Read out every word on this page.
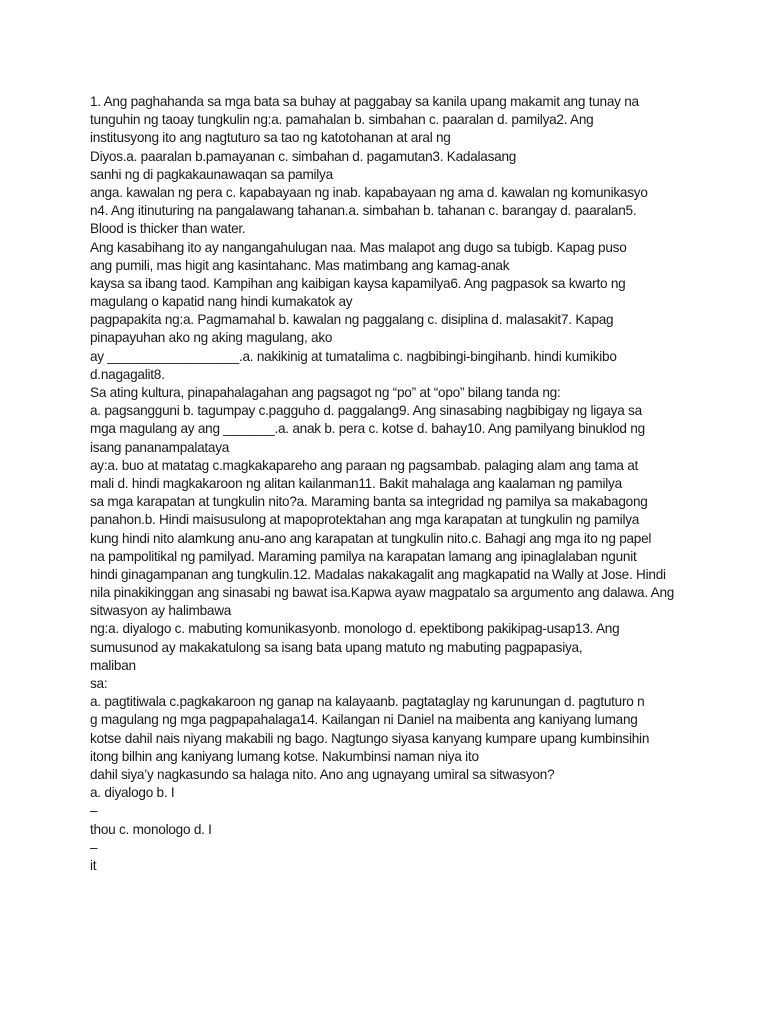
1. Ang paghahanda sa mga bata sa buhay at paggabay sa kanila upang makamit ang tunay na
tunguhin ng taoay tungkulin ng:a. pamahalan b. simbahan c. paaralan d. pamilya2. Ang
institusyong ito ang nagtuturo sa tao ng katotohanan at aral ng
Diyos.a. paaralan b.pamayanan c. simbahan d. pagamutan3. Kadalasang
sanhi ng di pagkakaunawaqan sa pamilya
anga. kawalan ng pera c. kapabayaan ng inab. kapabayaan ng ama d. kawalan ng komunikasyo
n4. Ang itinuturing na pangalawang tahanan.a. simbahan b. tahanan c. barangay d. paaralan5.
Blood is thicker than water.
Ang kasabihang ito ay nangangahulugan naa. Mas malapot ang dugo sa tubigb. Kapag puso
ang pumili, mas higit ang kasintahanc. Mas matimbang ang kamag-anak
kaysa sa ibang taod. Kampihan ang kaibigan kaysa kapamilya6. Ang pagpasok sa kwarto ng
magulang o kapatid nang hindi kumakatok ay
pagpapakita ng:a. Pagmamahal b. kawalan ng paggalang c. disiplina d. malasakit7. Kapag
pinapayuhan ako ng aking magulang, ako
ay __________________.a. nakikinig at tumatalima c. nagbibingi-bingihanb. hindi kumikibo
d.nagagalit8.
Sa ating kultura, pinapahalagahan ang pagsagot ng “po” at “opo” bilang tanda ng:
a. pagsangguni b. tagumpay c.pagguho d. paggalang9. Ang sinasabing nagbibigay ng ligaya sa
mga magulang ay ang _______.a. anak b. pera c. kotse d. bahay10. Ang pamilyang binuklod ng
isang pananampalataya
ay:a. buo at matatag c.magkakapareho ang paraan ng pagsambab. palaging alam ang tama at
mali d. hindi magkakaroon ng alitan kailanman11. Bakit mahalaga ang kaalaman ng pamilya
sa mga karapatan at tungkulin nito?a. Maraming banta sa integridad ng pamilya sa makabagong
panahon.b. Hindi maisusulong at mapoprotektahan ang mga karapatan at tungkulin ng pamilya
kung hindi nito alamkung anu-ano ang karapatan at tungkulin nito.c. Bahagi ang mga ito ng papel
na pampolitikal ng pamilyad. Maraming pamilya na karapatan lamang ang ipinaglalaban ngunit
hindi ginagampanan ang tungkulin.12. Madalas nakakagalit ang magkapatid na Wally at Jose. Hindi
nila pinakikinggan ang sinasabi ng bawat isa.Kapwa ayaw magpatalo sa argumento ang dalawa. Ang
sitwasyon ay halimbawa
ng:a. diyalogo c. mabuting komunikasyonb. monologo d. epektibong pakikipag-usap13. Ang
sumusunod ay makakatulong sa isang bata upang matuto ng mabuting pagpapasiya,
maliban
sa:
a. pagtitiwala c.pagkakaroon ng ganap na kalayaanb. pagtataglay ng karunungan d. pagtuturo n
g magulang ng mga pagpapahalaga14. Kailangan ni Daniel na maibenta ang kaniyang lumang
kotse dahil nais niyang makabili ng bago. Nagtungo siyasa kanyang kumpare upang kumbinsihin
itong bilhin ang kaniyang lumang kotse. Nakumbinsi naman niya ito
dahil siya’y nagkasundo sa halaga nito. Ano ang ugnayang umiral sa sitwasyon?
a. diyalogo b. I
–
thou c. monologo d. I
–
it
